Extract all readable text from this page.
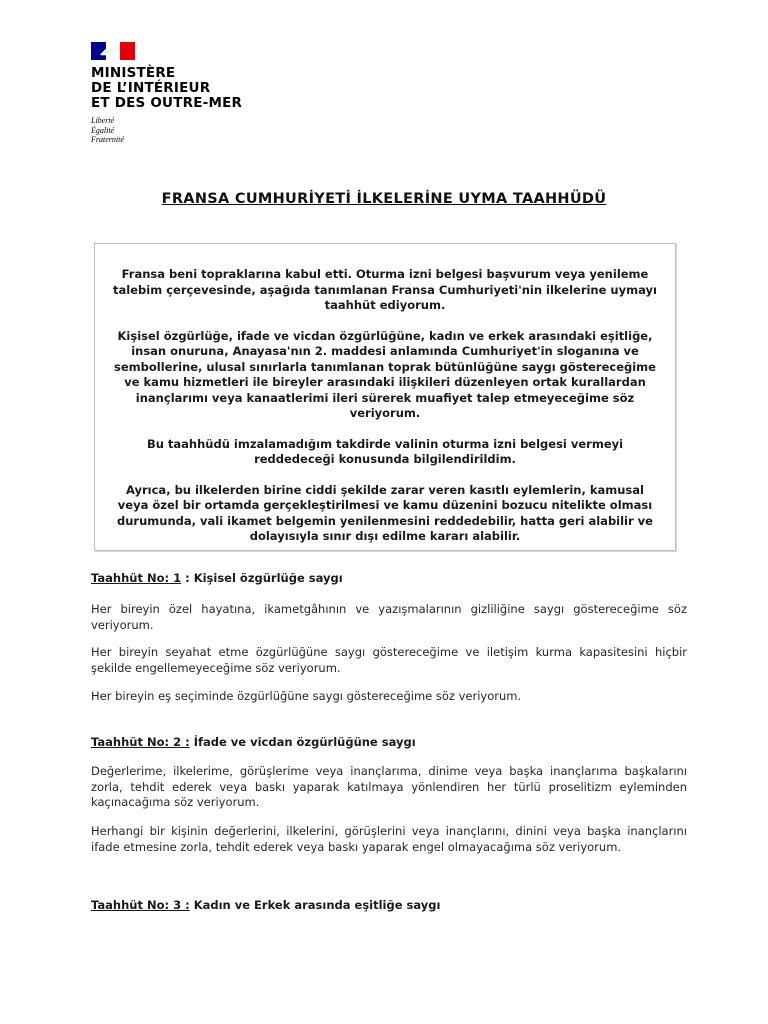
MINISTÈRE
DE L’INTÉRIEUR
ET DES OUTRE-MER
Liberté
Égalité
Fraternité
FRANSA CUMHURİYETİ İLKELERİNE UYMA TAAHHÜDÜ

Fransa beni topraklarına kabul etti. Oturma izni belgesi başvurum veya yenileme talebim çerçevesinde, aşağıda tanımlanan Fransa Cumhuriyeti'nin ilkelerine uymayı taahhüt ediyorum.

Kişisel özgürlüğe, ifade ve vicdan özgürlüğüne, kadın ve erkek arasındaki eşitliğe, insan onuruna, Anayasa'nın 2. maddesi anlamında Cumhuriyet'in sloganına ve sembollerine, ulusal sınırlarla tanımlanan toprak bütünlüğüne saygı göstereceğime ve kamu hizmetleri ile bireyler arasındaki ilişkileri düzenleyen ortak kurallardan inançlarımı veya kanaatlerimi ileri sürerek muafiyet talep etmeyeceğime söz veriyorum.

Bu taahhüdü imzalamadığım takdirde valinin oturma izni belgesi vermeyi reddedeceği konusunda bilgilendirildim.

Ayrıca, bu ilkelerden birine ciddi şekilde zarar veren kasıtlı eylemlerin, kamusal veya özel bir ortamda gerçekleştirilmesi ve kamu düzenini bozucu nitelikte olması durumunda, vali ikamet belgemin yenilenmesini reddedebilir, hatta geri alabilir ve dolayısıyla sınır dışı edilme kararı alabilir.

Taahhüt No: 1 : Kişisel özgürlüğe saygı
Her bireyin özel hayatına, ikametgâhının ve yazışmalarının gizliliğine saygı göstereceğime söz veriyorum.
Her bireyin seyahat etme özgürlüğüne saygı göstereceğime ve iletişim kurma kapasitesini hiçbir şekilde engellemeyeceğime söz veriyorum.
Her bireyin eş seçiminde özgürlüğüne saygı göstereceğime söz veriyorum.
Taahhüt No: 2 : İfade ve vicdan özgürlüğüne saygı
Değerlerime, ilkelerime, görüşlerime veya inançlarıma, dinime veya başka inançlarıma başkalarını zorla, tehdit ederek veya baskı yaparak katılmaya yönlendiren her türlü proselitizm eyleminden kaçınacağıma söz veriyorum.
Herhangi bir kişinin değerlerini, ilkelerini, görüşlerini veya inançlarını, dinini veya başka inançlarını ifade etmesine zorla, tehdit ederek veya baskı yaparak engel olmayacağıma söz veriyorum.
Taahhüt No: 3 : Kadın ve Erkek arasında eşitliğe saygı
